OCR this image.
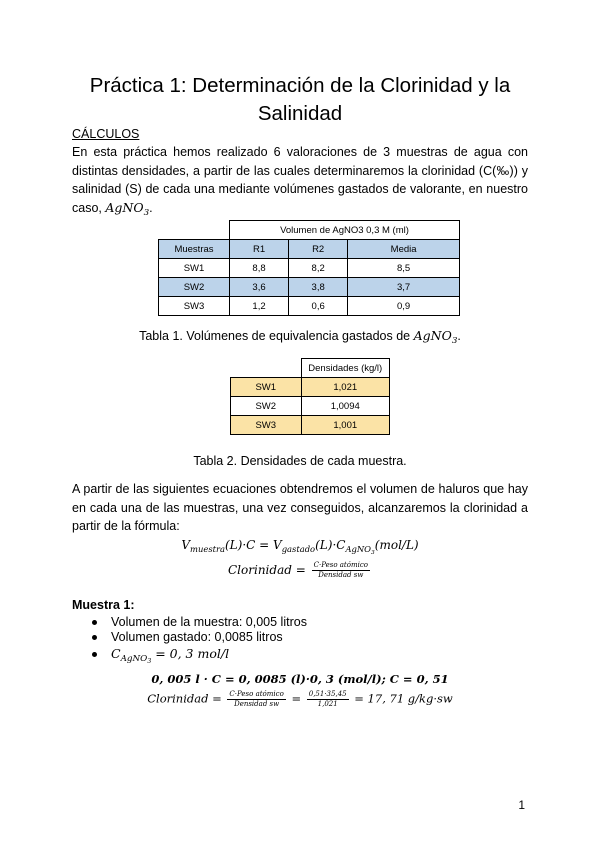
Práctica 1: Determinación de la Clorinidad y la Salinidad
CÁLCULOS
En esta práctica hemos realizado 6 valoraciones de 3 muestras de agua con distintas densidades, a partir de las cuales determinaremos la clorinidad (C(‰)) y salinidad (S) de cada una mediante volúmenes gastados de valorante, en nuestro caso, AgNO$_3$.
	Volumen de AgNO3 0,3 M (ml)		
Muestras	R1	R2	Media
SW1	8,8	8,2	8,5
SW2	3,6	3,8	3,7
SW3	1,2	0,6	0,9
Tabla 1. Volúmenes de equivalencia gastados de AgNO$_3$.
	Densidades (kg/l)
SW1	1,021
SW2	1,0094
SW3	1,001
Tabla 2. Densidades de cada muestra.
A partir de las siguientes ecuaciones obtendremos el volumen de haluros que hay en cada una de las muestras, una vez conseguidos, alcanzaremos la clorinidad a partir de la fórmula:
$V_{muestra}(L)\cdot C = V_{gastado}(L)\cdot C_{AgNO_3}(mol/L)$
Clorinidad = $\frac{\text{C·Peso atómico}}{\text{Densidad sw}}$
Muestra 1:
Volumen de la muestra: 0,005 litros
Volumen gastado: 0,0085 litros
$C_{AgNO_3} = 0$, 3 mol/l
0, 005 l · C = 0, 0085 (l)·0, 3 (mol/l); C = 0, 51
Clorinidad = $\frac{\text{C·Peso atómico}}{\text{Densidad sw}} = \frac{0,51\cdot 35,45}{1,021} = 17$, 71 g/kg·sw
1
